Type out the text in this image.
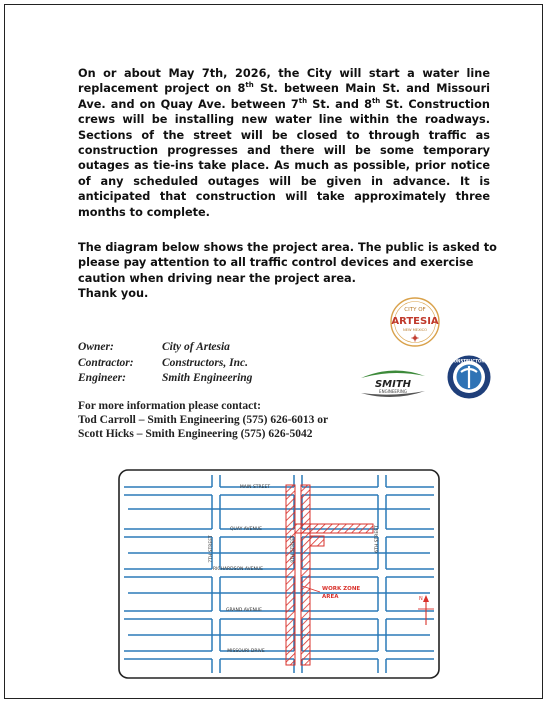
On or about May 7th, 2026, the City will start a water line replacement project on 8th St. between Main St. and Missouri Ave. and on Quay Ave. between 7th St. and 8th St. Construction crews will be installing new water line within the roadways. Sections of the street will be closed to through traffic as construction progresses and there will be some temporary outages as tie-ins take place. As much as possible, prior notice of any scheduled outages will be given in advance. It is anticipated that construction will take approximately three months to complete.

The diagram below shows the project area. The public is asked to please pay attention to all traffic control devices and exercise caution when driving near the project area.
Thank you.
Owner:	City of Artesia
Contractor:	Constructors, Inc.
Engineer:	Smith Engineering
For more information please contact:
Tod Carroll – Smith Engineering (575) 626-6013 or
Scott Hicks – Smith Engineering (575) 626-5042
CITY OF
ARTESIA
NEW MEXICO
SMITH
ENGINEERING
CONSTRUCTORS
MAIN STREET
QUAY AVENUE
RICHARDSON AVENUE
GRAND AVENUE
MISSOURI DRIVE
7TH STREET	8TH STREET	6TH STREET
WORK ZONE
AREA	N
